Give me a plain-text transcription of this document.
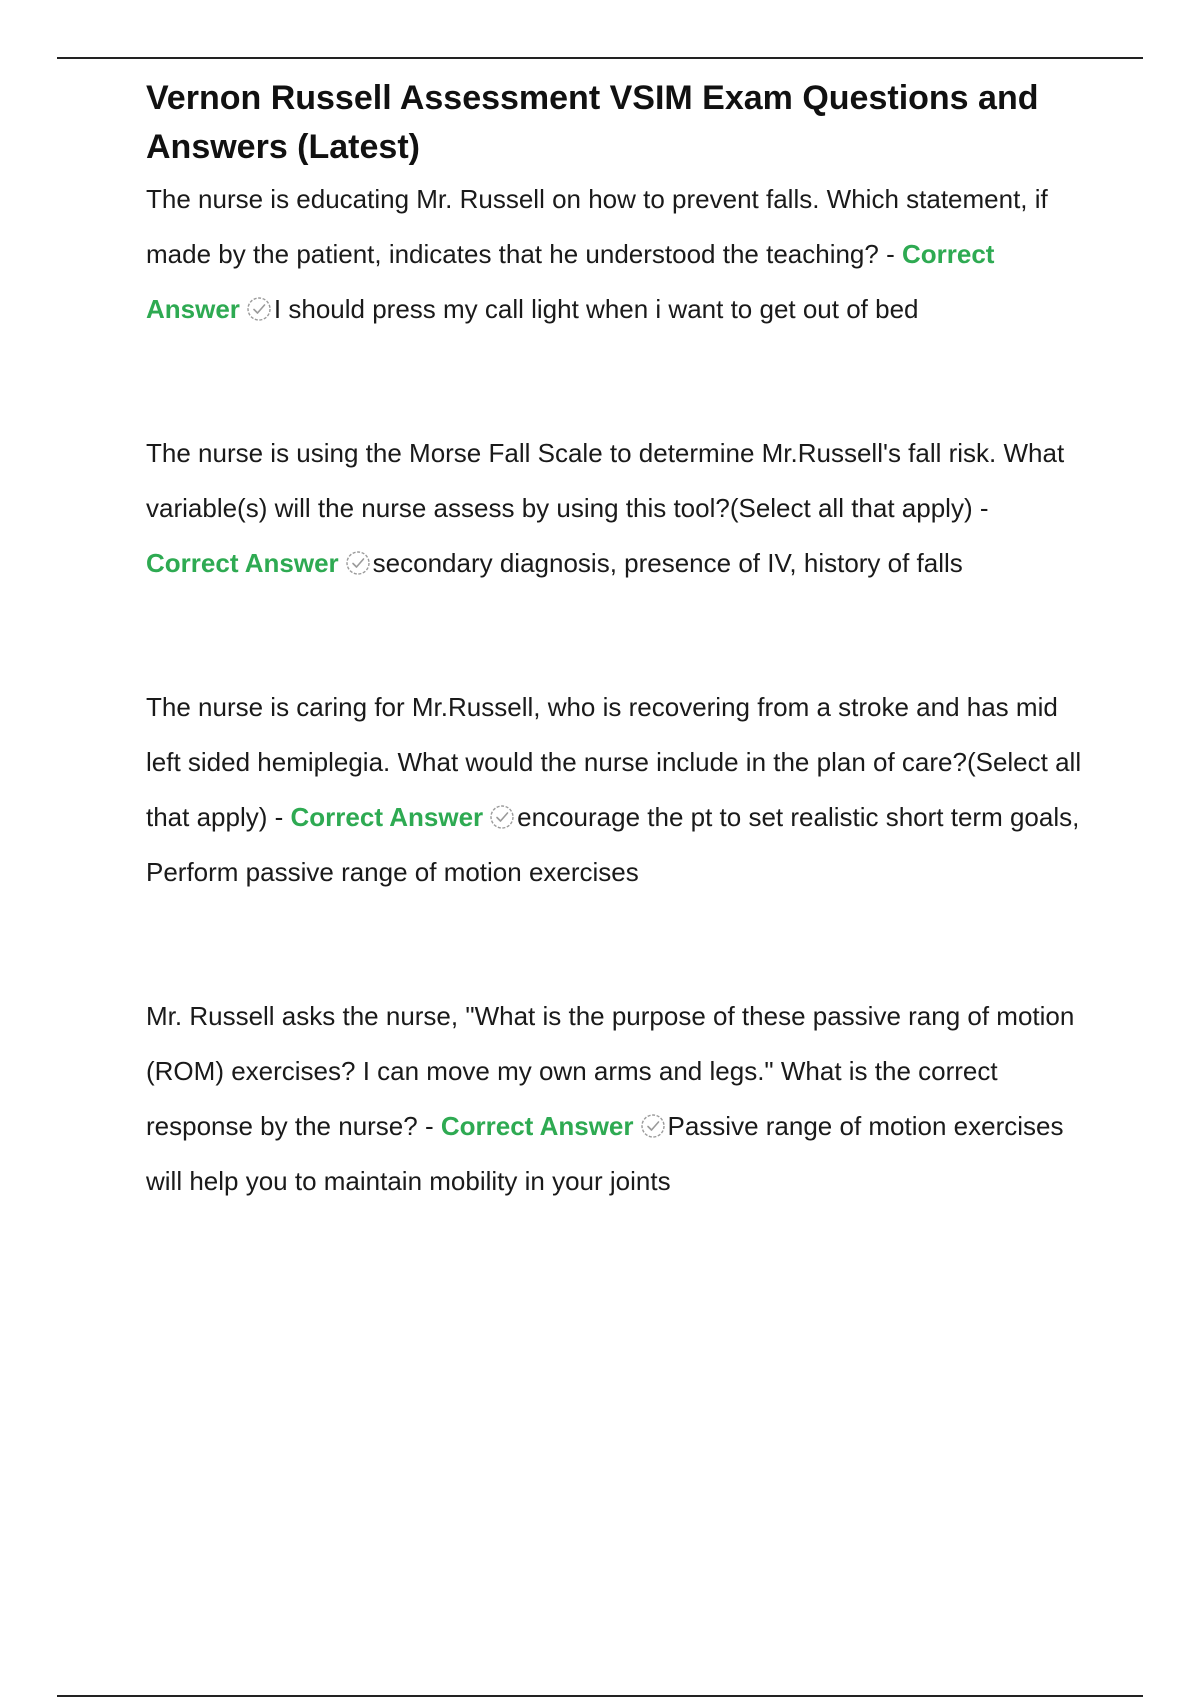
Vernon Russell Assessment VSIM Exam Questions and Answers (Latest)

The nurse is educating Mr. Russell on how to prevent falls. Which statement, if made by the patient, indicates that he understood the teaching? - Correct Answer I should press my call light when i want to get out of bed

The nurse is using the Morse Fall Scale to determine Mr.Russell's fall risk. What variable(s) will the nurse assess by using this tool?(Select all that apply) - Correct Answer secondary diagnosis, presence of IV, history of falls

The nurse is caring for Mr.Russell, who is recovering from a stroke and has mid left sided hemiplegia. What would the nurse include in the plan of care?(Select all that apply) - Correct Answer encourage the pt to set realistic short term goals, Perform passive range of motion exercises

Mr. Russell asks the nurse, "What is the purpose of these passive rang of motion (ROM) exercises? I can move my own arms and legs." What is the correct response by the nurse? - Correct Answer Passive range of motion exercises will help you to maintain mobility in your joints
